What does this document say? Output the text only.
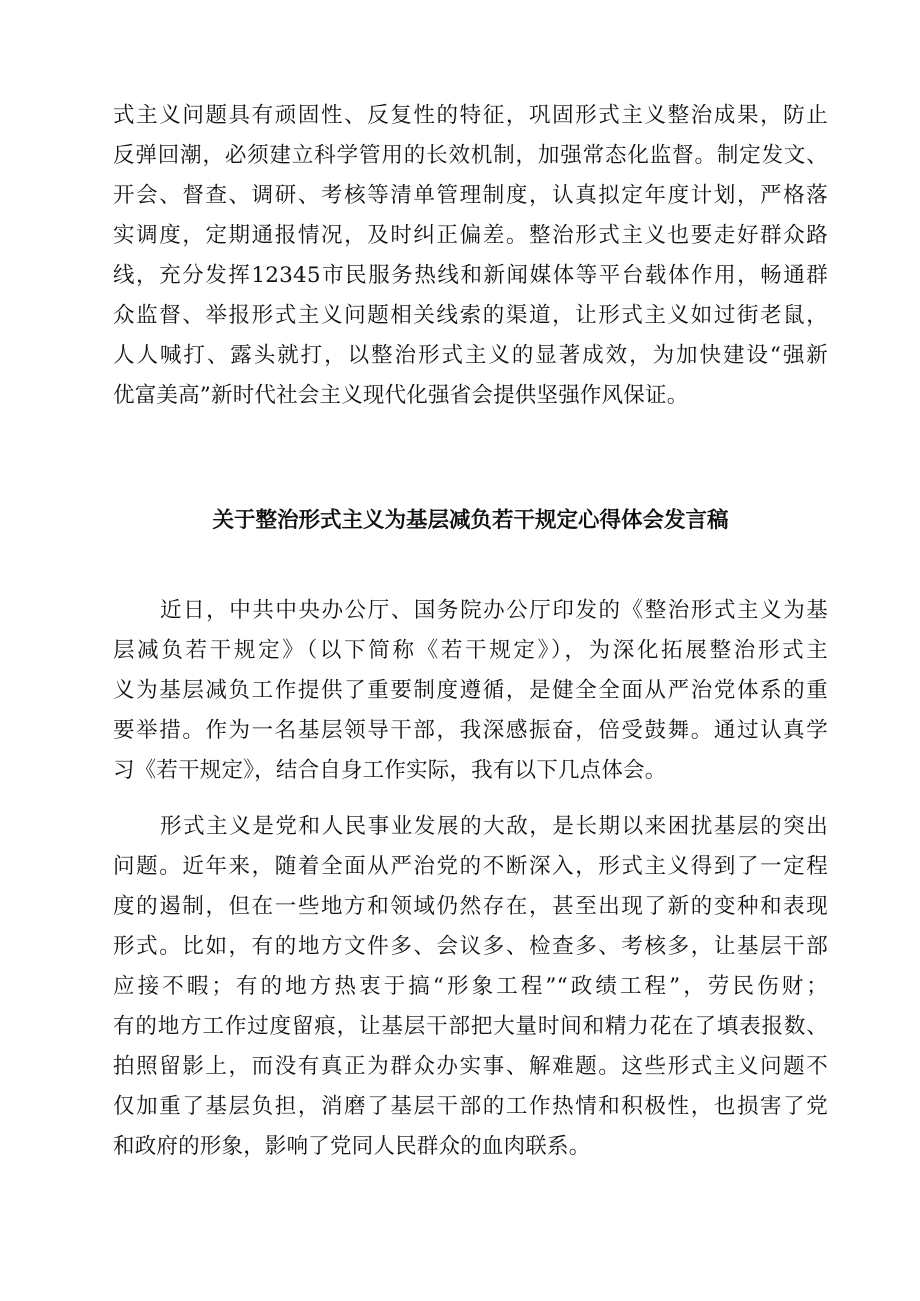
式主义问题具有顽固性、反复性的特征，巩固形式主义整治成果，防止

反弹回潮，必须建立科学管用的长效机制，加强常态化监督。制定发文、

开会、督查、调研、考核等清单管理制度，认真拟定年度计划，严格落

实调度，定期通报情况，及时纠正偏差。整治形式主义也要走好群众路

线，充分发挥12345市民服务热线和新闻媒体等平台载体作用，畅通群

众监督、举报形式主义问题相关线索的渠道，让形式主义如过街老鼠，

人人喊打、露头就打，以整治形式主义的显著成效，为加快建设“强新

优富美高”新时代社会主义现代化强省会提供坚强作风保证。

关于整治形式主义为基层减负若干规定心得体会发言稿

近日，中共中央办公厅、国务院办公厅印发的《整治形式主义为基

层减负若干规定》（以下简称《若干规定》），为深化拓展整治形式主

义为基层减负工作提供了重要制度遵循，是健全全面从严治党体系的重

要举措。作为一名基层领导干部，我深感振奋，倍受鼓舞。通过认真学

习《若干规定》，结合自身工作实际，我有以下几点体会。

形式主义是党和人民事业发展的大敌，是长期以来困扰基层的突出

问题。近年来，随着全面从严治党的不断深入，形式主义得到了一定程

度的遏制，但在一些地方和领域仍然存在，甚至出现了新的变种和表现

形式。比如，有的地方文件多、会议多、检查多、考核多，让基层干部

应接不暇；有的地方热衷于搞“形象工程”“政绩工程”，劳民伤财；

有的地方工作过度留痕，让基层干部把大量时间和精力花在了填表报数、

拍照留影上，而没有真正为群众办实事、解难题。这些形式主义问题不

仅加重了基层负担，消磨了基层干部的工作热情和积极性，也损害了党

和政府的形象，影响了党同人民群众的血肉联系。
